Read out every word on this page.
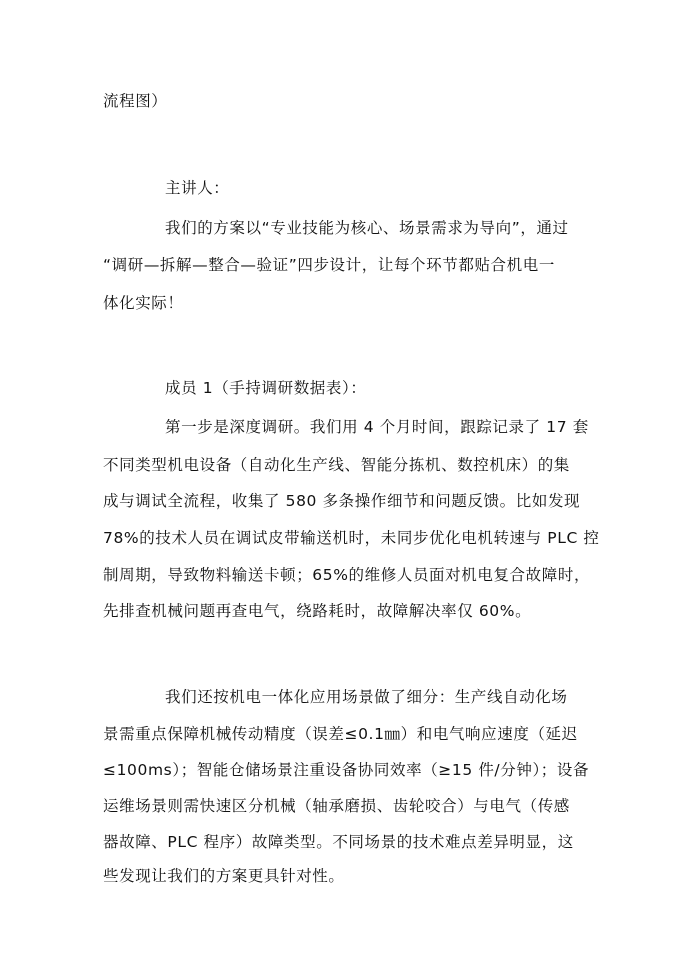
流程图）
主讲人：
我们的方案以“专业技能为核心、场景需求为导向”，通过
“调研—拆解—整合—验证”四步设计，让每个环节都贴合机电一
体化实际！
成员 1（手持调研数据表）：
第一步是深度调研。我们用 4 个月时间，跟踪记录了 17 套
不同类型机电设备（自动化生产线、智能分拣机、数控机床）的集
成与调试全流程，收集了 580 多条操作细节和问题反馈。比如发现
78%的技术人员在调试皮带输送机时，未同步优化电机转速与 PLC 控
制周期，导致物料输送卡顿；65%的维修人员面对机电复合故障时，
先排查机械问题再查电气，绕路耗时，故障解决率仅 60%。
我们还按机电一体化应用场景做了细分：生产线自动化场
景需重点保障机械传动精度（误差≤0.1㎜）和电气响应速度（延迟
≤100ms）；智能仓储场景注重设备协同效率（≥15 件/分钟）；设备
运维场景则需快速区分机械（轴承磨损、齿轮咬合）与电气（传感
器故障、PLC 程序）故障类型。不同场景的技术难点差异明显，这
些发现让我们的方案更具针对性。
